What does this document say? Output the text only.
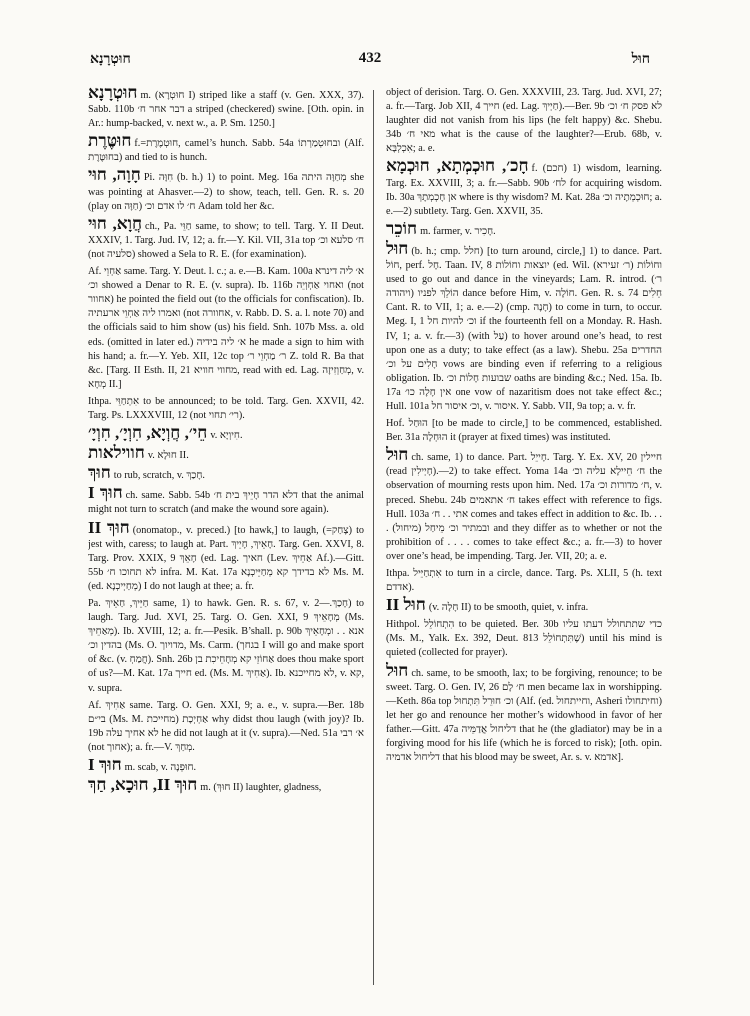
חוּטְרָנָא	432	חוּל

חוּטְרָנָא m. (חוּטְרָא I) striped like a staff (v. Gen. XXX, 37). Sabb. 110b דבר אחר ח׳ a striped (checkered) swine. [Oth. opin. in Ar.: hump-backed, v. next w., a. P. Sm. 1250.]

חוּטֶּרֶת f.=חוּטְמֶרֶת, camel’s hunch. Sabb. 54a ובחוּטְמַרְתוֹ (Alf. בחוּטֶּרֶת) and tied to is hunch.

חָוָה, חוּי Pi. חִוָּה (b. h.) 1) to point. Meg. 16a מְחַוָּה היתה she was pointing at Ahasver.—2) to show, teach, tell. Gen. R. s. 20 (play on חַוָּה) ח׳ לו אדם וכ׳ Adam told her &c.

חֲוָא, חוּי ch., Pa. חַוֵּי same, to show; to tell. Targ. Y. II Deut. XXXIV, 1. Targ. Jud. IV, 12; a. fr.—Y. Kil. VII, 31a top ח׳ סלעא וכ׳ (not סלעיה) showed a Sela to R. E. (for examination).

Af. אַחְוֵי same. Targ. Y. Deut. l. c.; a. e.—B. Kam. 100a א׳ ליה דינרא וכ׳ showed a Denar to R. E. (v. supra). Ib. 116b ואחוי אַחְוְיֵה (not אחוור) he pointed the field out (to the officials for confiscation). Ib. ואמרו ליה אַחְוֵי ארעתיה (not אחוורה, v. Rabb. D. S. a. l. note 70) and the officials said to him show (us) his field. Snh. 107b Mss. a. old eds. (omitted in later ed.) א׳ ליה בידיה he made a sign to him with his hand; a. fr.—Y. Yeb. XII, 12c top ר׳ מַחְוֵי ר׳ Z. told R. Ba that &c. [Targ. II Esth. II, 21 מחווי חוויא, read with ed. Lag. מְחַוְזִיזָה, v. מְחָא II.]

Ithpa. אִתְחַוֵּי to be announced; to be told. Targ. Gen. XXVII, 42. Targ. Ps. LXXXVIII, 12 (not רי׳ תחוי).

חֵי׳, חֲוְיָא, חִוְיָ׳, חִוְיָ׳ v. חִיוְיָא.

חווילאות v. חוּלָא II.

חוּךְ to rub, scratch, v. חָכַךְ.

חוּךְ I ch. same. Sabb. 54b דלא הדר חָיֵיךְ בית ח׳ that the animal might not turn to scratch (and make the wound sore again).

חוּךְ II (onomatop., v. preced.) [to hawk,] to laugh, (=צָחַק) to jest with, caress; to laugh at. Part. חָאֵיךְ, חָיֵיךְ. Targ. Gen. XXVI, 8. Targ. Prov. XXIX, 9 חָאֵךְ (ed. Lag. חאיך (Lev. אַחֵיךְ Af.).—Gitt. 55b לא תחוכו ח׳ infra. M. Kat. 17a לא בדידך קא מְחַיֵּיכְנָא Ms. M. (ed. מְחַיְיכְנָא) I do not laugh at thee; a. fr.

Pa. חַיֵּיךְ, חַאֵיךְ same, 1) to hawk. Gen. R. s. 67, v. חָכַךְ.—2) to laugh. Targ. Jud. XVI, 25. Targ. O. Gen. XXI, 9 מְחָאֵיךְ (Ms. מְאַחֵיךְ). Ib. XVIII, 12; a. fr.—Pesik. B’shall. p. 90b אנא . . ומְחָאֵיךְ בהדין וכ׳ (Ms. O. מדויוך, Ms. Carm. (בגחך I will go and make sport of &c. (v. חֲמַחְ). Snh. 26b אַחוֹזֵי קא מְחָחֵיכִת בן does thou make sport of us?—M. Kat. 17a חייך ed. (Ms. M. אַחִיךְ). Ib. לא מחייכנא, v. קא, v. supra.

Af. אַחִיךְ same. Targ. O. Gen. XXI, 9; a. e., v. supra.—Ber. 18b בי״ם (Ms. M. מחייכת) אַחְיְכָת why didst thou laugh (with joy)? Ib. 19b לא אחיך עלה he did not laugh at it (v. supra).—Ned. 51a א׳ רבי (not אחוך); a. fr.—V. מְחַךְ.

חוּךְ I m. scab, v. חוּפְנָה.

חוּךְ II, חוּכָא, חַךְ m. (חוּךְ II) laughter, gladness,

object of derision. Targ. O. Gen. XXXVIII, 23. Targ. Jud. XVI, 27; a. fr.—Targ. Job XII, 4 חייך (ed. Lag. חַיְיךְ).—Ber. 9b לא פסק ח׳ וכ׳ laughter did not vanish from his lips (he felt happy) &c. Shebu. 34b מאי ח׳ what is the cause of the laughter?—Erub. 68b, v. אִכְלְבָּא; a. e.

חָכ׳, חוּכְמְתָא, חוּכְמָא f. (חכם) 1) wisdom, learning. Targ. Ex. XXVIII, 3; a. fr.—Sabb. 90b לח׳ for acquiring wisdom. Ib. 30a אן חָכְמְתָךְ where is thy wisdom? M. Kat. 28a חוּכְמְתָיה וכ׳; a. e.—2) subtlety. Targ. Gen. XXVII, 35.

חוֹכֵר m. farmer, v. חָכִיר.

חוּל (b. h.; cmp. חלל) [to turn around, circle,] 1) to dance. Part. חוֹל, perf. חָל. Taan. IV, 8 יוצאות וחוֹלוֹת (ed. Wil. וחוֹלוֹת (ר׳ זעירא) used to go out and dance in the vineyards; Lam. R. introd. (ר׳ ויהודה) הוֹלֵךְ לפניו dance before Him, v. חוֹלֶה. Gen. R. s. 74 חֵלִים Cant. R. to VII, 1; a. e.—2) (cmp. חָנָה) to come in turn, to occur. Meg. I, 1 וכ׳ להיות חל if the fourteenth fell on a Monday. R. Hash. IV, 1; a. v. fr.—3) (with עַל) to hover around one’s head, to rest upon one as a duty; to take effect (as a law). Shebu. 25a החדרים חָלִים על וכ׳ vows are binding even if referring to a religious obligation. Ib. שבועות חָלוֹת וכ׳ oaths are binding &c.; Ned. 15a. Ib. 17a אין חָלָה כו׳ one vow of nazaritism does not take effect &c.; Hull. 101a וכ׳ איסור חל, v. איסור. Y. Sabb. VII, 9a top; a. v. fr.

Hof. הוּחַל [to be made to circle,] to be commenced, established. Ber. 31a הוּחְלָה it (prayer at fixed times) was instituted.

חוּל ch. same, 1) to dance. Part. חָייֵל. Targ. Y. Ex. XV, 20 חיילין (read חָיְילִין).—2) to take effect. Yoma 14a ח׳ חֵיילָא עליה וכ׳ the observation of mourning rests upon him. Ned. 17a ח׳ מדורות וכ׳, v. preced. Shebu. 24b ח׳ אתאמים takes effect with reference to figs. Hull. 103a אתי . . ח׳ comes and takes effect in addition to &c. Ib. . . . ובמתיר וכ׳ מֵיחַל (מיחול) and they differ as to whether or not the prohibition of . . . . comes to take effect &c.; a. fr.—3) to hover over one’s head, be impending. Targ. Jer. VII, 20; a. e.

Ithpa. אִתְחַיֵּיל to turn in a circle, dance. Targ. Ps. XLII, 5 (h. text אדדם).

חוּל II (v. חָלָה II) to be smooth, quiet, v. infra.

Hithpol. הִתְחוֹלֵל to be quieted. Ber. 30b כדי שתתחולל דעתו עליו (Ms. M., Yalk. Ex. 392, Deut. 813 שֶׁתִּתְחוֹלֵל) until his mind is quieted (collected for prayer).

חוּל ch. same, to be smooth, lax; to be forgiving, renounce; to be sweet. Targ. O. Gen. IV, 26 ח׳ לָם men became lax in worshipping.—Keth. 86a top וכ׳ חוּרֵל תִּתְחוּל (Alf. (ed. וחייתחול, Asheri וחיתחולו) let her go and renounce her mother’s widowhood in favor of her father.—Gitt. 47a דליחול אֲדַמֵּיה that he (the gladiator) may be in a forgiving mood for his life (which he is forced to risk); [oth. opin. דליחול אדמיה that his blood may be sweet, Ar. s. v. אדמא].
